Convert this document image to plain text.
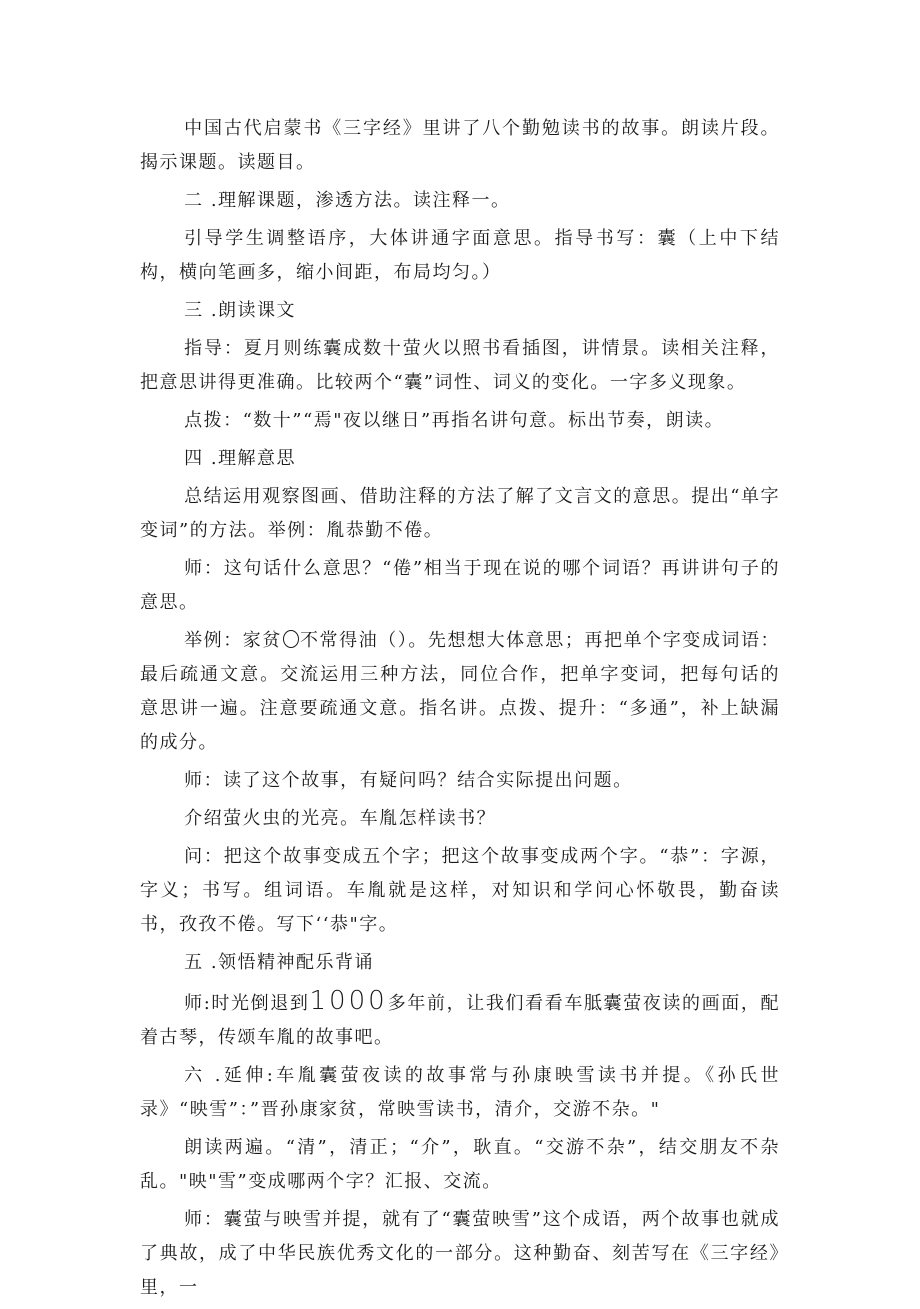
中国古代启蒙书《三字经》里讲了八个勤勉读书的故事。朗读片段。揭示课题。读题目。

二 .理解课题，渗透方法。读注释一。

引导学生调整语序，大体讲通字面意思。指导书写：囊（上中下结构，横向笔画多，缩小间距，布局均匀。）

三 .朗读课文

指导：夏月则练囊成数十萤火以照书看插图，讲情景。读相关注释，把意思讲得更准确。比较两个“囊”词性、词义的变化。一字多义现象。

点拨：“数十”“焉"夜以继日”再指名讲句意。标出节奏，朗读。

四 .理解意思

总结运用观察图画、借助注释的方法了解了文言文的意思。提出“单字变词”的方法。举例：胤恭勤不倦。

师：这句话什么意思？“倦”相当于现在说的哪个词语？再讲讲句子的意思。

举例：家贫 不常得油（）。先想想大体意思；再把单个字变成词语：最后疏通文意。交流运用三种方法，同位合作，把单字变词，把每句话的意思讲一遍。注意要疏通文意。指名讲。点拨、提升：“多通”，补上缺漏的成分。

师：读了这个故事，有疑问吗？结合实际提出问题。

介绍萤火虫的光亮。车胤怎样读书？

问：把这个故事变成五个字；把这个故事变成两个字。“恭”：字源，字义；书写。组词语。车胤就是这样，对知识和学问心怀敬畏，勤奋读书，孜孜不倦。写下‘‘恭"字。

五 .领悟精神配乐背诵

师:时光倒退到1000多年前，让我们看看车胝囊萤夜读的画面，配着古琴，传颂车胤的故事吧。

六 .延伸:车胤囊萤夜读的故事常与孙康映雪读书并提。《孙氏世录》“映雪”：”晋孙康家贫，常映雪读书，清介，交游不杂。"

朗读两遍。“清”，清正；“介”，耿直。“交游不杂”，结交朋友不杂乱。"映"雪”变成哪两个字？汇报、交流。

师：囊萤与映雪并提，就有了“囊萤映雪”这个成语，两个故事也就成了典故，成了中华民族优秀文化的一部分。这种勤奋、刻苦写在《三字经》里，一
